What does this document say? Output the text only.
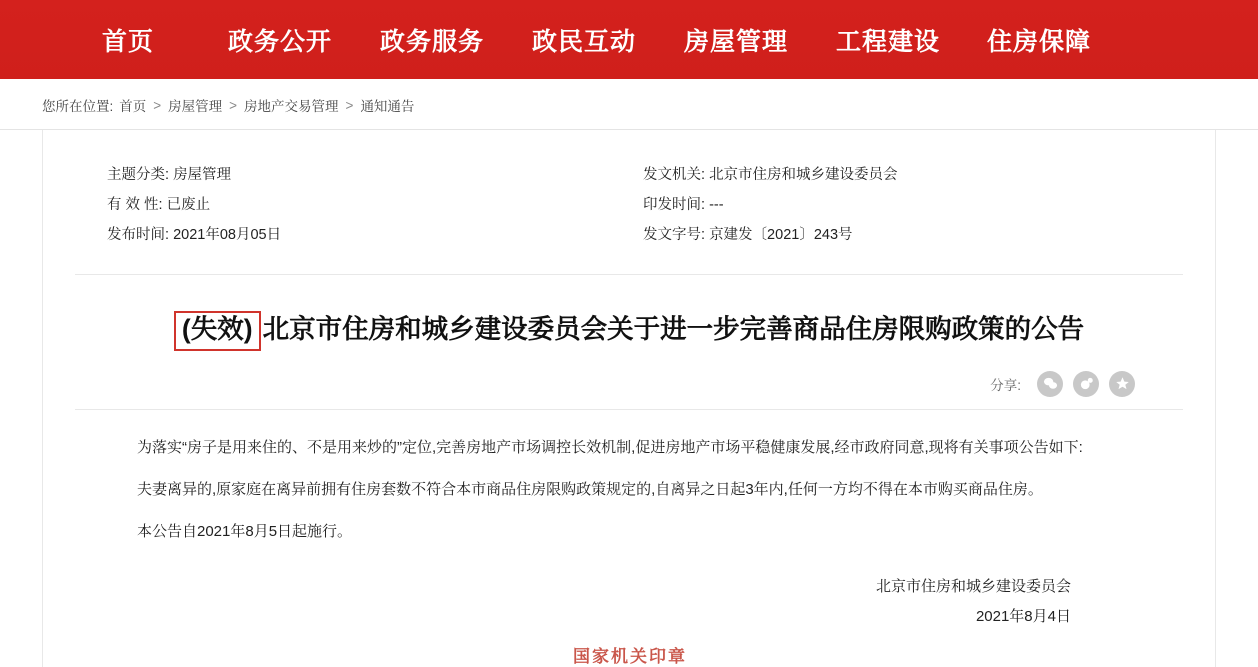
首页	政务公开	政务服务	政民互动	房屋管理	工程建设	住房保障
您所在位置: 首页 > 房屋管理 > 房地产交易管理 > 通知通告
主题分类: 房屋管理
有 效 性: 已废止
发布时间: 2021年08月05日
发文机关: 北京市住房和城乡建设委员会
印发时间: ---
发文字号: 京建发〔2021〕243号
(失效) 北京市住房和城乡建设委员会关于进一步完善商品住房限购政策的公告
分享:

为落实“房子是用来住的、不是用来炒的”定位,完善房地产市场调控长效机制,促进房地产市场平稳健康发展,经市政府同意,现将有关事项公告如下:

夫妻离异的,原家庭在离异前拥有住房套数不符合本市商品住房限购政策规定的,自离异之日起3年内,任何一方均不得在本市购买商品住房。

本公告自2021年8月5日起施行。

北京市住房和城乡建设委员会
2021年8月4日
国家机关印章
